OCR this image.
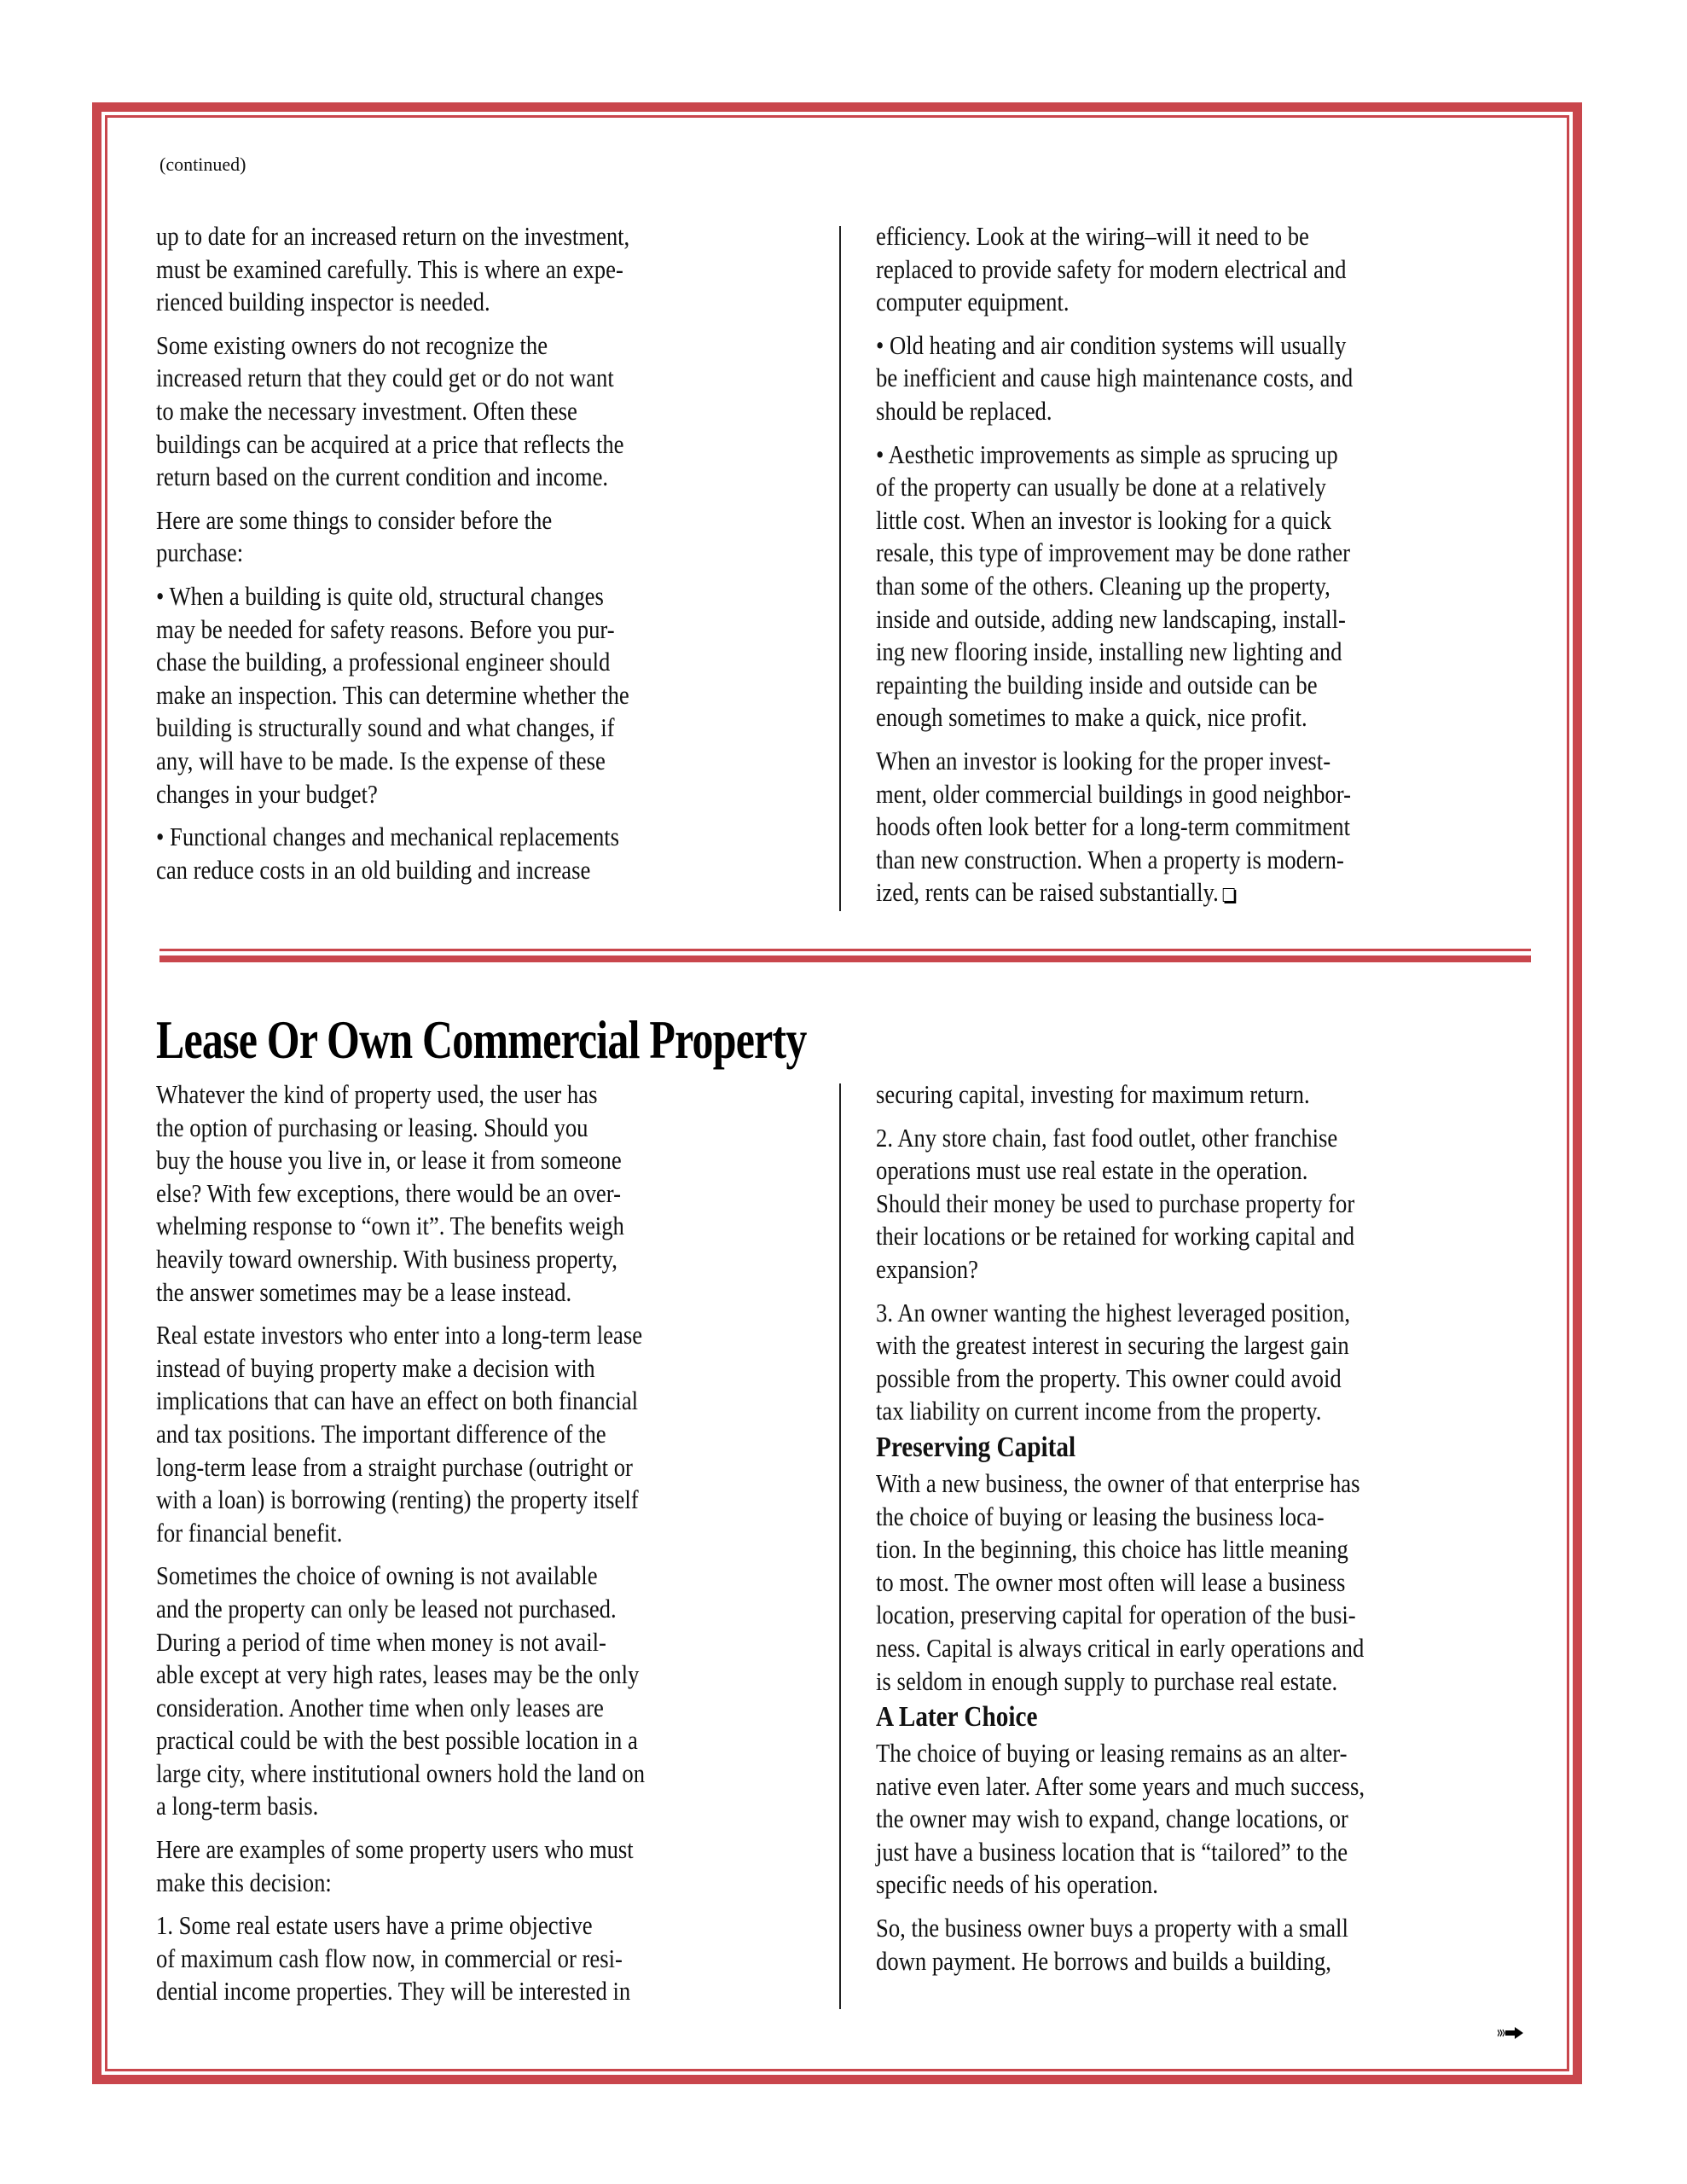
(continued)
up to date for an increased return on the investment,
must be examined carefully. This is where an expe-
rienced building inspector is needed.
Some existing owners do not recognize the
increased return that they could get or do not want
to make the necessary investment. Often these
buildings can be acquired at a price that reflects the
return based on the current condition and income.
Here are some things to consider before the
purchase:
• When a building is quite old, structural changes
may be needed for safety reasons. Before you pur-
chase the building, a professional engineer should
make an inspection. This can determine whether the
building is structurally sound and what changes, if
any, will have to be made. Is the expense of these
changes in your budget?
• Functional changes and mechanical replacements
can reduce costs in an old building and increase
efficiency. Look at the wiring–will it need to be
replaced to provide safety for modern electrical and
computer equipment.
• Old heating and air condition systems will usually
be inefficient and cause high maintenance costs, and
should be replaced.
• Aesthetic improvements as simple as sprucing up
of the property can usually be done at a relatively
little cost. When an investor is looking for a quick
resale, this type of improvement may be done rather
than some of the others. Cleaning up the property,
inside and outside, adding new landscaping, install-
ing new flooring inside, installing new lighting and
repainting the building inside and outside can be
enough sometimes to make a quick, nice profit.
When an investor is looking for the proper invest-
ment, older commercial buildings in good neighbor-
hoods often look better for a long-term commitment
than new construction. When a property is modern-
ized, rents can be raised substantially.
Lease Or Own Commercial Property
Whatever the kind of property used, the user has
the option of purchasing or leasing. Should you
buy the house you live in, or lease it from someone
else? With few exceptions, there would be an over-
whelming response to “own it”. The benefits weigh
heavily toward ownership. With business property,
the answer sometimes may be a lease instead.
Real estate investors who enter into a long-term lease
instead of buying property make a decision with
implications that can have an effect on both financial
and tax positions. The important difference of the
long-term lease from a straight purchase (outright or
with a loan) is borrowing (renting) the property itself
for financial benefit.
Sometimes the choice of owning is not available
and the property can only be leased not purchased.
During a period of time when money is not avail-
able except at very high rates, leases may be the only
consideration. Another time when only leases are
practical could be with the best possible location in a
large city, where institutional owners hold the land on
a long-term basis.
Here are examples of some property users who must
make this decision:
1. Some real estate users have a prime objective
of maximum cash flow now, in commercial or resi-
dential income properties. They will be interested in
securing capital, investing for maximum return.
2. Any store chain, fast food outlet, other franchise
operations must use real estate in the operation.
Should their money be used to purchase property for
their locations or be retained for working capital and
expansion?
3. An owner wanting the highest leveraged position,
with the greatest interest in securing the largest gain
possible from the property. This owner could avoid
tax liability on current income from the property.
Preserving Capital
With a new business, the owner of that enterprise has
the choice of buying or leasing the business loca-
tion. In the beginning, this choice has little meaning
to most. The owner most often will lease a business
location, preserving capital for operation of the busi-
ness. Capital is always critical in early operations and
is seldom in enough supply to purchase real estate.
A Later Choice
The choice of buying or leasing remains as an alter-
native even later. After some years and much success,
the owner may wish to expand, change locations, or
just have a business location that is “tailored” to the
specific needs of his operation.
So, the business owner buys a property with a small
down payment. He borrows and builds a building,
